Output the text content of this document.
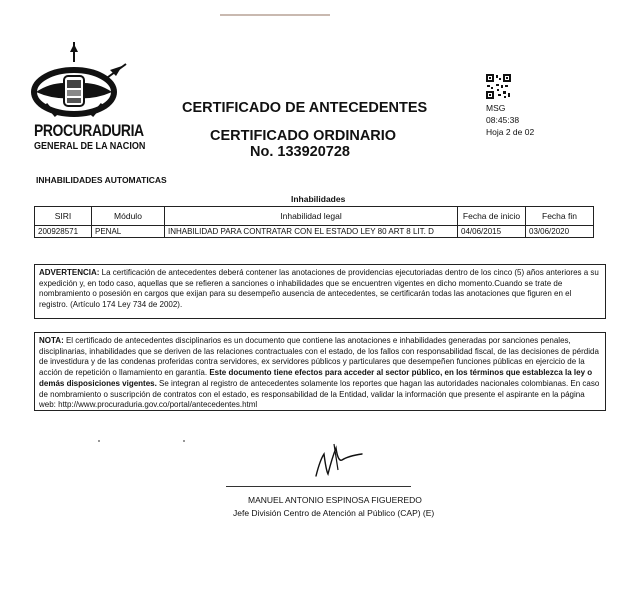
PROCURADURIA
GENERAL DE LA NACION
CERTIFICADO DE ANTECEDENTES
CERTIFICADO ORDINARIO
No. 133920728
MSG
08:45:38
Hoja 2 de 02
INHABILIDADES AUTOMATICAS
Inhabilidades
SIRI	Módulo	Inhabilidad legal	Fecha de inicio	Fecha fin
200928571	PENAL	INHABILIDAD PARA CONTRATAR CON EL ESTADO LEY 80 ART 8 LIT. D	04/06/2015	03/06/2020
ADVERTENCIA: La certificación de antecedentes deberá contener las anotaciones de providencias ejecutoriadas dentro de los cinco (5) años anteriores a su expedición y, en todo caso, aquellas que se refieren a sanciones o inhabilidades que se encuentren vigentes en dicho momento.Cuando se trate de nombramiento o posesión en cargos que exijan para su desempeño ausencia de antecedentes, se certificarán todas las anotaciones que figuren en el registro. (Artículo 174 Ley 734 de 2002).
NOTA: El certificado de antecedentes disciplinarios es un documento que contiene las anotaciones e inhabilidades generadas por sanciones penales, disciplinarias, inhabilidades que se deriven de las relaciones contractuales con el estado, de los fallos con responsabilidad fiscal, de las decisiones de pérdida de investidura y de las condenas proferidas contra servidores, ex servidores públicos y particulares que desempeñen funciones públicas en ejercicio de la acción de repetición o llamamiento en garantía. Este documento tiene efectos para acceder al sector público, en los términos que establezca la ley o demás disposiciones vigentes. Se integran al registro de antecedentes solamente los reportes que hagan las autoridades nacionales colombianas. En caso de nombramiento o suscripción de contratos con el estado, es responsabilidad de la Entidad, validar la información que presente el aspirante en la página web: http://www.procuraduria.gov.co/portal/antecedentes.html
MANUEL ANTONIO ESPINOSA FIGUEREDO
Jefe División Centro de Atención al Público (CAP) (E)
